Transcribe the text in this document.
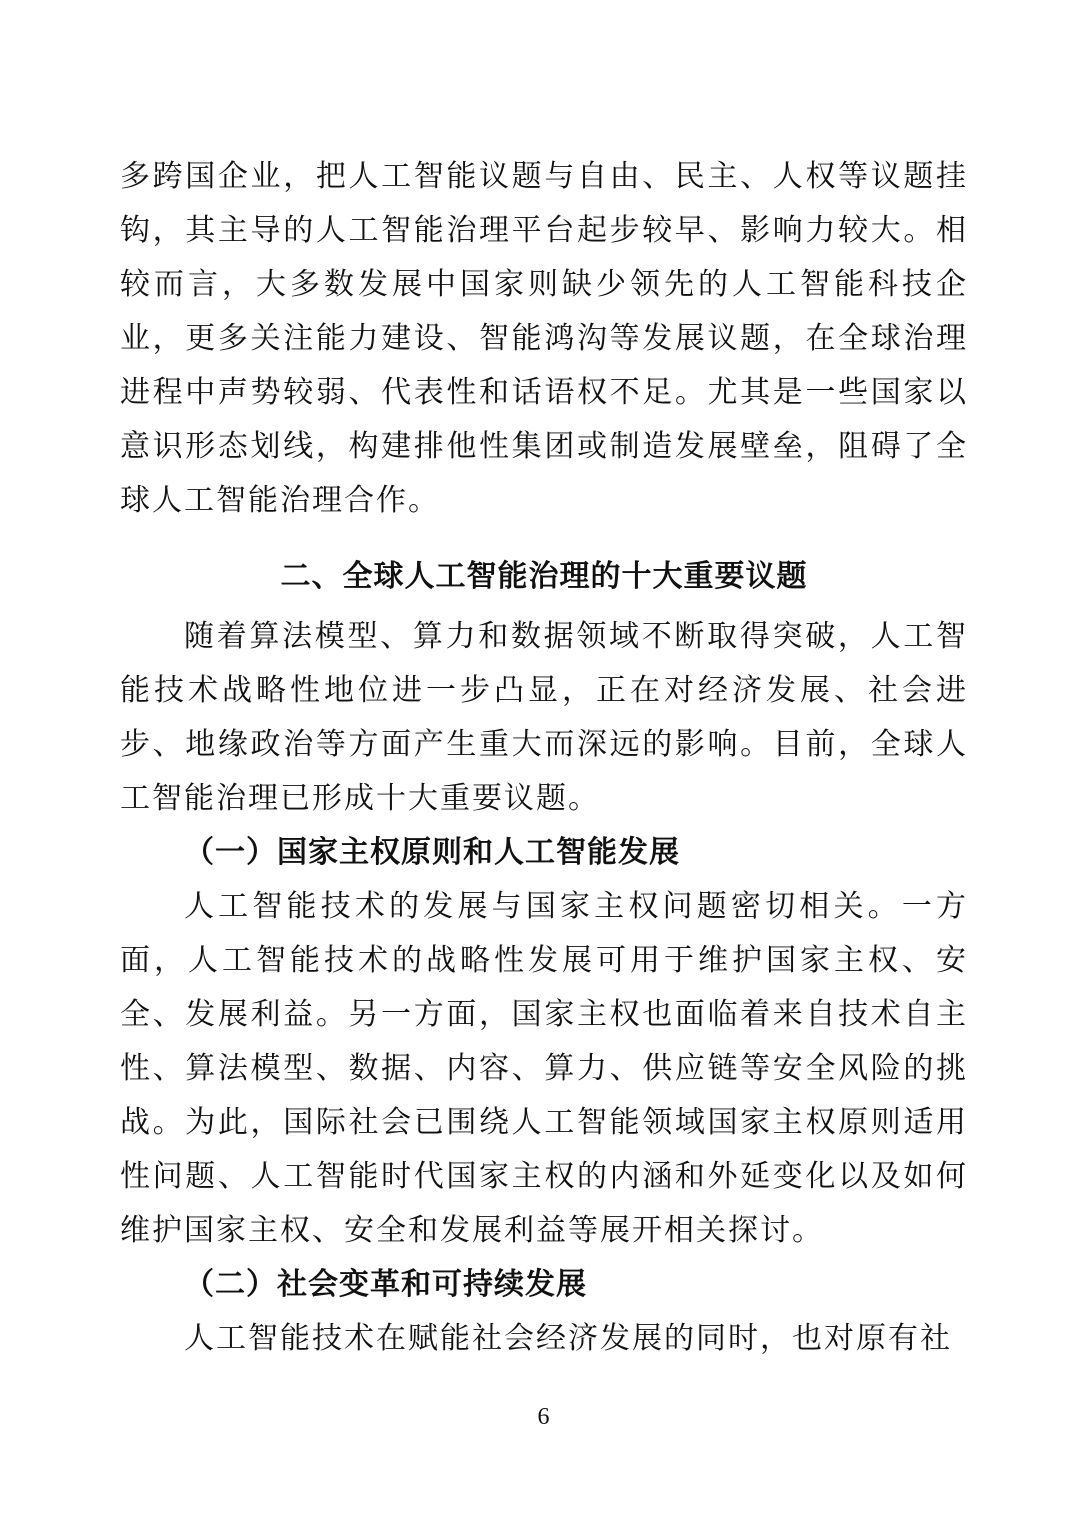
多跨国企业，把人工智能议题与自由、民主、人权等议题挂钩，其主导的人工智能治理平台起步较早、影响力较大。相较而言，大多数发展中国家则缺少领先的人工智能科技企业，更多关注能力建设、智能鸿沟等发展议题，在全球治理进程中声势较弱、代表性和话语权不足。尤其是一些国家以意识形态划线，构建排他性集团或制造发展壁垒，阻碍了全球人工智能治理合作。

二、全球人工智能治理的十大重要议题

随着算法模型、算力和数据领域不断取得突破，人工智能技术战略性地位进一步凸显，正在对经济发展、社会进步、地缘政治等方面产生重大而深远的影响。目前，全球人工智能治理已形成十大重要议题。

（一）国家主权原则和人工智能发展

人工智能技术的发展与国家主权问题密切相关。一方面，人工智能技术的战略性发展可用于维护国家主权、安全、发展利益。另一方面，国家主权也面临着来自技术自主性、算法模型、数据、内容、算力、供应链等安全风险的挑战。为此，国际社会已围绕人工智能领域国家主权原则适用性问题、人工智能时代国家主权的内涵和外延变化以及如何维护国家主权、安全和发展利益等展开相关探讨。

（二）社会变革和可持续发展

人工智能技术在赋能社会经济发展的同时，也对原有社

6
